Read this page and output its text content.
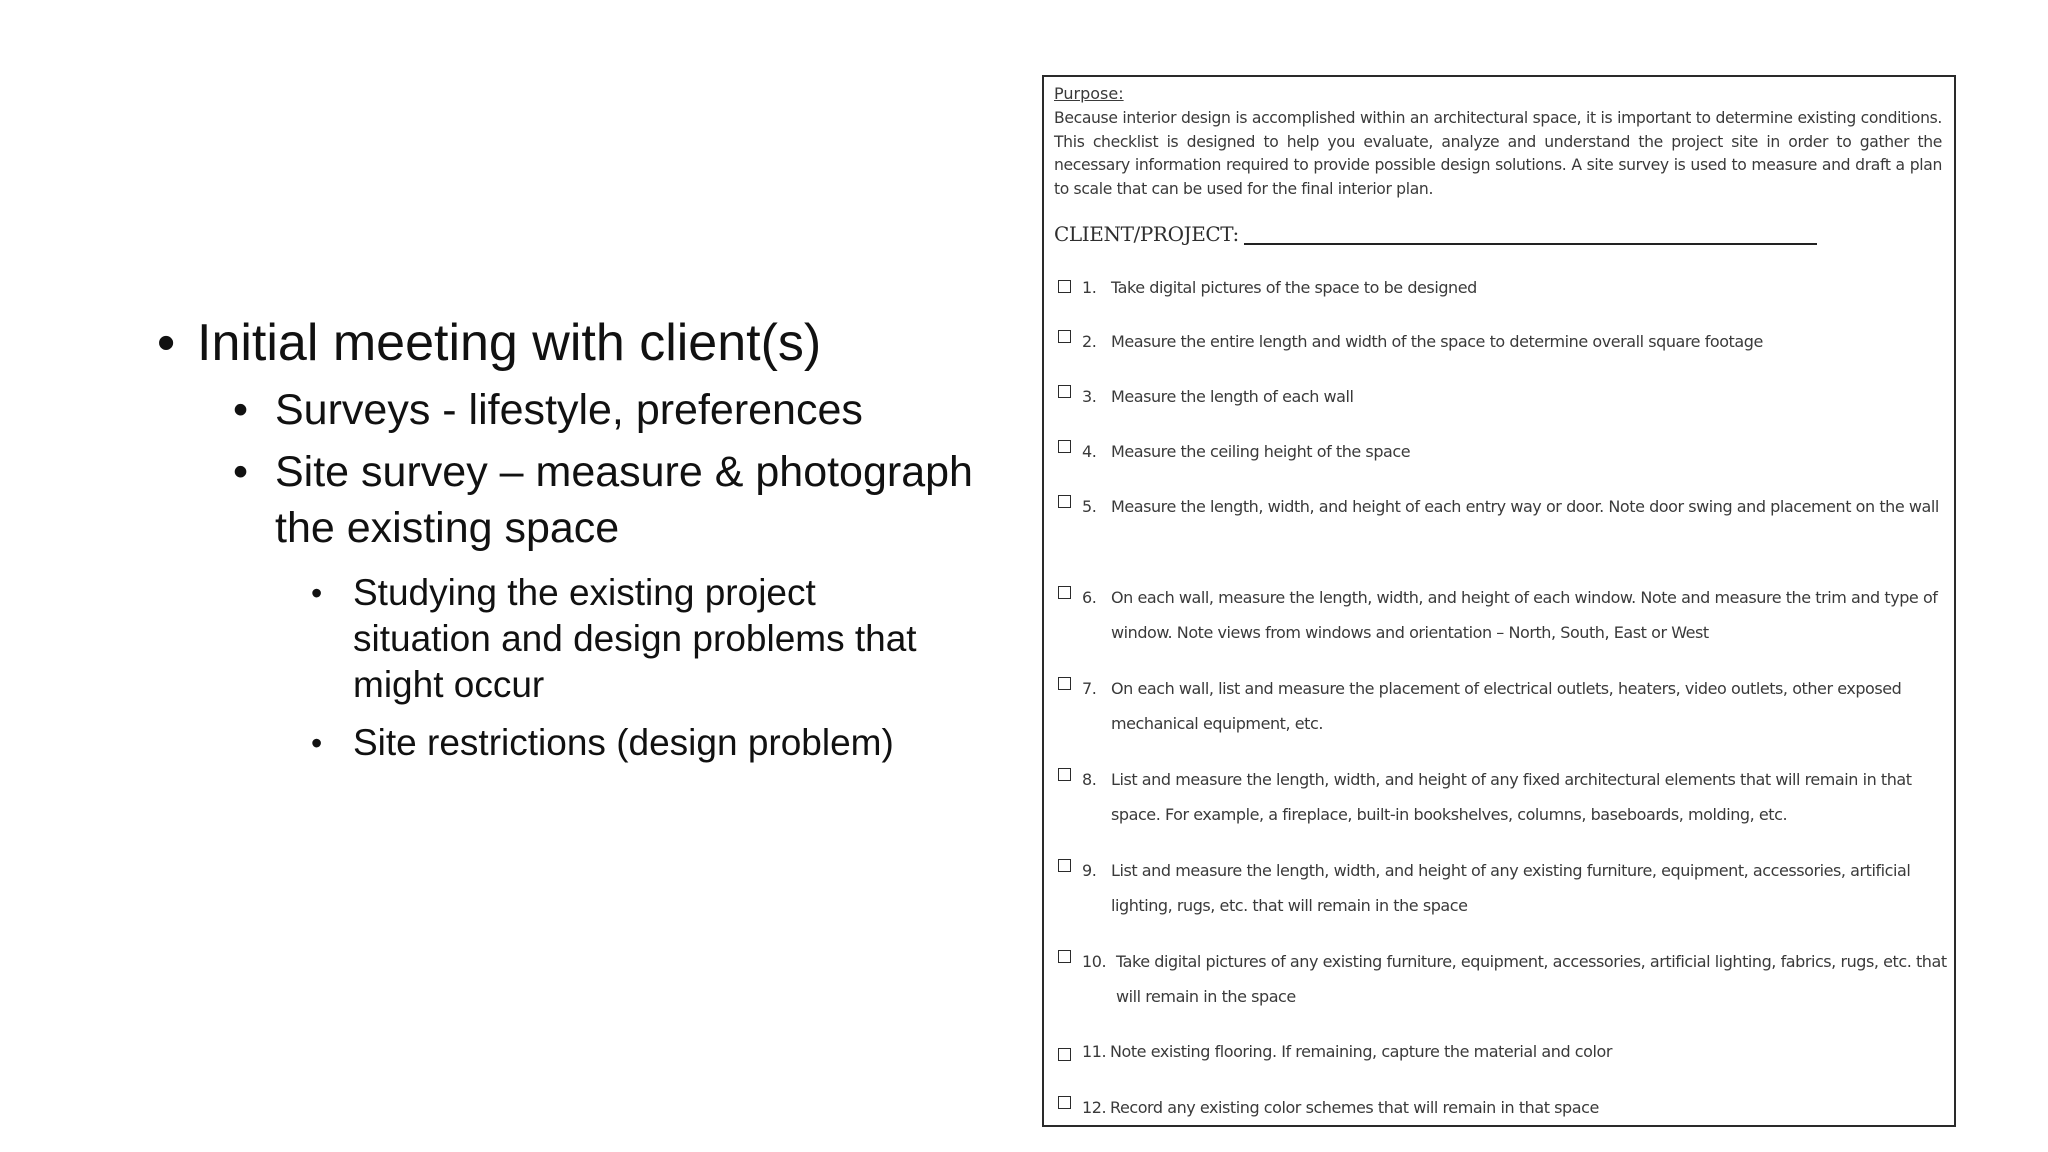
• Initial meeting with client(s)
• Surveys - lifestyle, preferences
• Site survey – measure & photograph the existing space
• Studying the existing project situation and design problems that might occur
• Site restrictions (design problem)
Purpose:
Because interior design is accomplished within an architectural space, it is important to determine existing conditions. This checklist is designed to help you evaluate, analyze and understand the project site in order to gather the necessary information required to provide possible design solutions. A site survey is used to measure and draft a plan to scale that can be used for the final interior plan.
CLIENT/PROJECT:
1. Take digital pictures of the space to be designed
2. Measure the entire length and width of the space to determine overall square footage
3. Measure the length of each wall
4. Measure the ceiling height of the space
5. Measure the length, width, and height of each entry way or door. Note door swing and placement on the wall
6. On each wall, measure the length, width, and height of each window. Note and measure the trim and type of window. Note views from windows and orientation – North, South, East or West
7. On each wall, list and measure the placement of electrical outlets, heaters, video outlets, other exposed mechanical equipment, etc.
8. List and measure the length, width, and height of any fixed architectural elements that will remain in that space. For example, a fireplace, built-in bookshelves, columns, baseboards, molding, etc.
9. List and measure the length, width, and height of any existing furniture, equipment, accessories, artificial lighting, rugs, etc. that will remain in the space
10. Take digital pictures of any existing furniture, equipment, accessories, artificial lighting, fabrics, rugs, etc. that will remain in the space
11. Note existing flooring. If remaining, capture the material and color
12. Record any existing color schemes that will remain in that space
